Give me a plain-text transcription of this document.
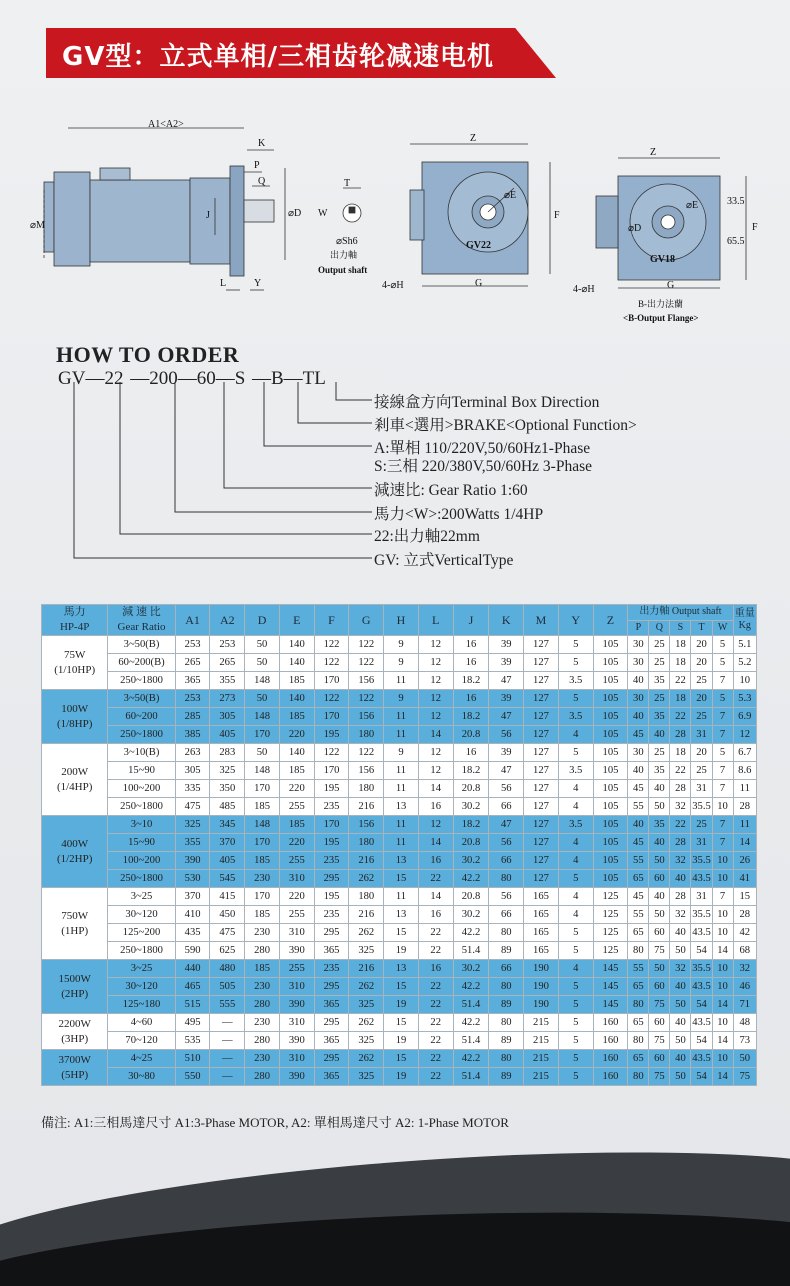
GV型：立式单相/三相齿轮减速电机
A1<A2>
K
P
Q
J	⌀D
⌀M
L	Y
T
W
⌀Sh6
出力軸
Output shaft
Z
⌀E
F
G
4-⌀H
GV22
Z
⌀E
⌀D	F
G
4-⌀H
33.5
65.5
GV18
B-出力法蘭
<B-Output Flange>
HOW TO ORDER
GV—22 —200—60—S —B—TL
接線盒方向Terminal Box Direction
剎車<選用>BRAKE<Optional Function>
A:單相 110/220V,50/60Hz1-Phase
S:三相 220/380V,50/60Hz 3-Phase
減速比: Gear Ratio 1:60
馬力<W>:200Watts 1/4HP
22:出力軸22mm
GV: 立式VerticalType
馬力
HP-4P	減 速 比
Gear Ratio	A1	A2	D	E	F	G	H	L	J	K	M	Y	Z	出力軸 Output shaft					重量
Kg
															P	Q	S	T	W	
75W
(1/10HP)	3~50(B)	253	253	50	140	122	122	9	12	16	39	127	5	105	30	25	18	20	5	5.1
	60~200(B)	265	265	50	140	122	122	9	12	16	39	127	5	105	30	25	18	20	5	5.2
	250~1800	365	355	148	185	170	156	11	12	18.2	47	127	3.5	105	40	35	22	25	7	10
100W
(1/8HP)	3~50(B)	253	273	50	140	122	122	9	12	16	39	127	5	105	30	25	18	20	5	5.3
	60~200	285	305	148	185	170	156	11	12	18.2	47	127	3.5	105	40	35	22	25	7	6.9
	250~1800	385	405	170	220	195	180	11	14	20.8	56	127	4	105	45	40	28	31	7	12
200W
(1/4HP)	3~10(B)	263	283	50	140	122	122	9	12	16	39	127	5	105	30	25	18	20	5	6.7
	15~90	305	325	148	185	170	156	11	12	18.2	47	127	3.5	105	40	35	22	25	7	8.6
	100~200	335	350	170	220	195	180	11	14	20.8	56	127	4	105	45	40	28	31	7	11
	250~1800	475	485	185	255	235	216	13	16	30.2	66	127	4	105	55	50	32	35.5	10	28
400W
(1/2HP)	3~10	325	345	148	185	170	156	11	12	18.2	47	127	3.5	105	40	35	22	25	7	11
	15~90	355	370	170	220	195	180	11	14	20.8	56	127	4	105	45	40	28	31	7	14
	100~200	390	405	185	255	235	216	13	16	30.2	66	127	4	105	55	50	32	35.5	10	26
	250~1800	530	545	230	310	295	262	15	22	42.2	80	127	5	105	65	60	40	43.5	10	41
750W
(1HP)	3~25	370	415	170	220	195	180	11	14	20.8	56	165	4	125	45	40	28	31	7	15
	30~120	410	450	185	255	235	216	13	16	30.2	66	165	4	125	55	50	32	35.5	10	28
	125~200	435	475	230	310	295	262	15	22	42.2	80	165	5	125	65	60	40	43.5	10	42
	250~1800	590	625	280	390	365	325	19	22	51.4	89	165	5	125	80	75	50	54	14	68
1500W
(2HP)	3~25	440	480	185	255	235	216	13	16	30.2	66	190	4	145	55	50	32	35.5	10	32
	30~120	465	505	230	310	295	262	15	22	42.2	80	190	5	145	65	60	40	43.5	10	46
	125~180	515	555	280	390	365	325	19	22	51.4	89	190	5	145	80	75	50	54	14	71
2200W
(3HP)	4~60	495	—	230	310	295	262	15	22	42.2	80	215	5	160	65	60	40	43.5	10	48
	70~120	535	—	280	390	365	325	19	22	51.4	89	215	5	160	80	75	50	54	14	73
3700W
(5HP)	4~25	510	—	230	310	295	262	15	22	42.2	80	215	5	160	65	60	40	43.5	10	50
	30~80	550	—	280	390	365	325	19	22	51.4	89	215	5	160	80	75	50	54	14	75
備注: A1:三相馬達尺寸 A1:3-Phase MOTOR, A2: 單相馬達尺寸 A2: 1-Phase MOTOR
